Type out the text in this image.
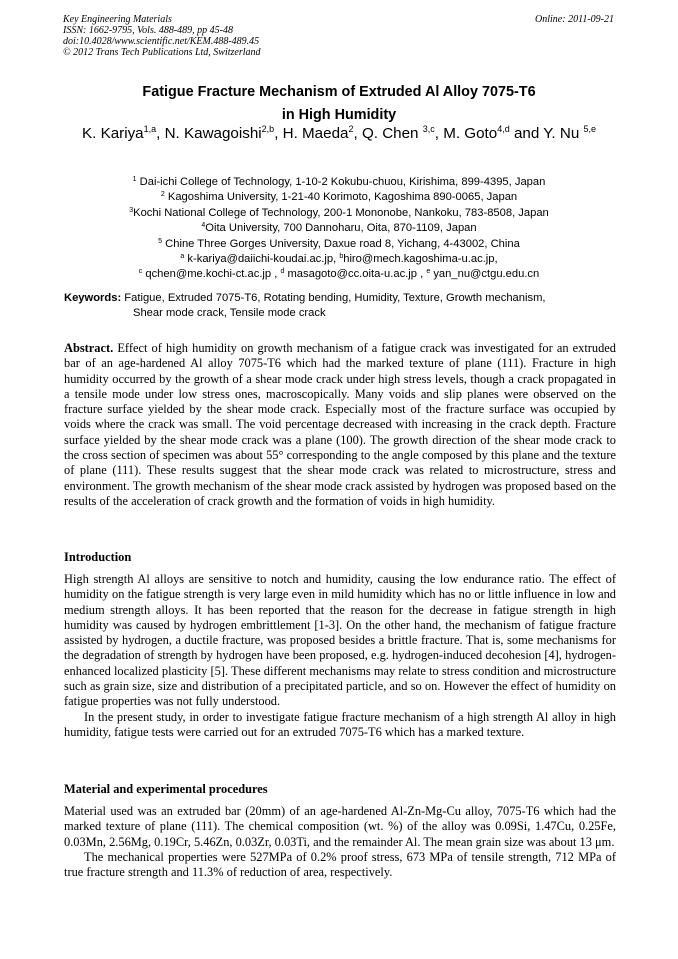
Key Engineering Materials
ISSN: 1662-9795, Vols. 488-489, pp 45-48
doi:10.4028/www.scientific.net/KEM.488-489.45
© 2012 Trans Tech Publications Ltd, Switzerland
Online: 2011-09-21
Fatigue Fracture Mechanism of Extruded Al Alloy 7075-T6
in High Humidity
K. Kariya$^{1,a}$, N. Kawagoishi$^{2,b}$, H. Maeda$^2$, Q. Chen $^{3,c}$, M. Goto$^{4,d}$ and Y. Nu $^{5,e}$
$^1$ Dai-ichi College of Technology, 1-10-2 Kokubu-chuou, Kirishima, 899-4395, Japan
$^2$ Kagoshima University, 1-21-40 Korimoto, Kagoshima 890-0065, Japan
$^3$Kochi National College of Technology, 200-1 Mononobe, Nankoku, 783-8508, Japan
$^4$Oita University, 700 Dannoharu, Oita, 870-1109, Japan
$^5$ Chine Three Gorges University, Daxue road 8, Yichang, 4-43002, China
$^a$ k-kariya@daiichi-koudai.ac.jp, $^b$hiro@mech.kagoshima-u.ac.jp,
$^c$ qchen@me.kochi-ct.ac.jp , $^d$ masagoto@cc.oita-u.ac.jp , $^e$ yan_nu@ctgu.edu.cn
Keywords: Fatigue, Extruded 7075-T6, Rotating bending, Humidity, Texture, Growth mechanism,
Shear mode crack, Tensile mode crack

Abstract. Effect of high humidity on growth mechanism of a fatigue crack was investigated for an extruded bar of an age-hardened Al alloy 7075-T6 which had the marked texture of plane (111). Fracture in high humidity occurred by the growth of a shear mode crack under high stress levels, though a crack propagated in a tensile mode under low stress ones, macroscopically. Many voids and slip planes were observed on the fracture surface yielded by the shear mode crack. Especially most of the fracture surface was occupied by voids where the crack was small. The void percentage decreased with increasing in the crack depth. Fracture surface yielded by the shear mode crack was a plane (100). The growth direction of the shear mode crack to the cross section of specimen was about 55° corresponding to the angle composed by this plane and the texture of plane (111). These results suggest that the shear mode crack was related to microstructure, stress and environment. The growth mechanism of the shear mode crack assisted by hydrogen was proposed based on the results of the acceleration of crack growth and the formation of voids in high humidity.

Introduction

High strength Al alloys are sensitive to notch and humidity, causing the low endurance ratio. The effect of humidity on the fatigue strength is very large even in mild humidity which has no or little influence in low and medium strength alloys. It has been reported that the reason for the decrease in fatigue strength in high humidity was caused by hydrogen embrittlement [1-3]. On the other hand, the mechanism of fatigue fracture assisted by hydrogen, a ductile fracture, was proposed besides a brittle fracture. That is, some mechanisms for the degradation of strength by hydrogen have been proposed, e.g. hydrogen-induced decohesion [4], hydrogen-enhanced localized plasticity [5]. These different mechanisms may relate to stress condition and microstructure such as grain size, size and distribution of a precipitated particle, and so on. However the effect of humidity on fatigue properties was not fully understood.

In the present study, in order to investigate fatigue fracture mechanism of a high strength Al alloy in high humidity, fatigue tests were carried out for an extruded 7075-T6 which has a marked texture.

Material and experimental procedures

Material used was an extruded bar (20mm) of an age-hardened Al-Zn-Mg-Cu alloy, 7075-T6 which had the marked texture of plane (111). The chemical composition (wt. %) of the alloy was 0.09Si, 1.47Cu, 0.25Fe, 0.03Mn, 2.56Mg, 0.19Cr, 5.46Zn, 0.03Zr, 0.03Ti, and the remainder Al. The mean grain size was about 13 μm.

The mechanical properties were 527MPa of 0.2% proof stress, 673 MPa of tensile strength, 712 MPa of true fracture strength and 11.3% of reduction of area, respectively.
